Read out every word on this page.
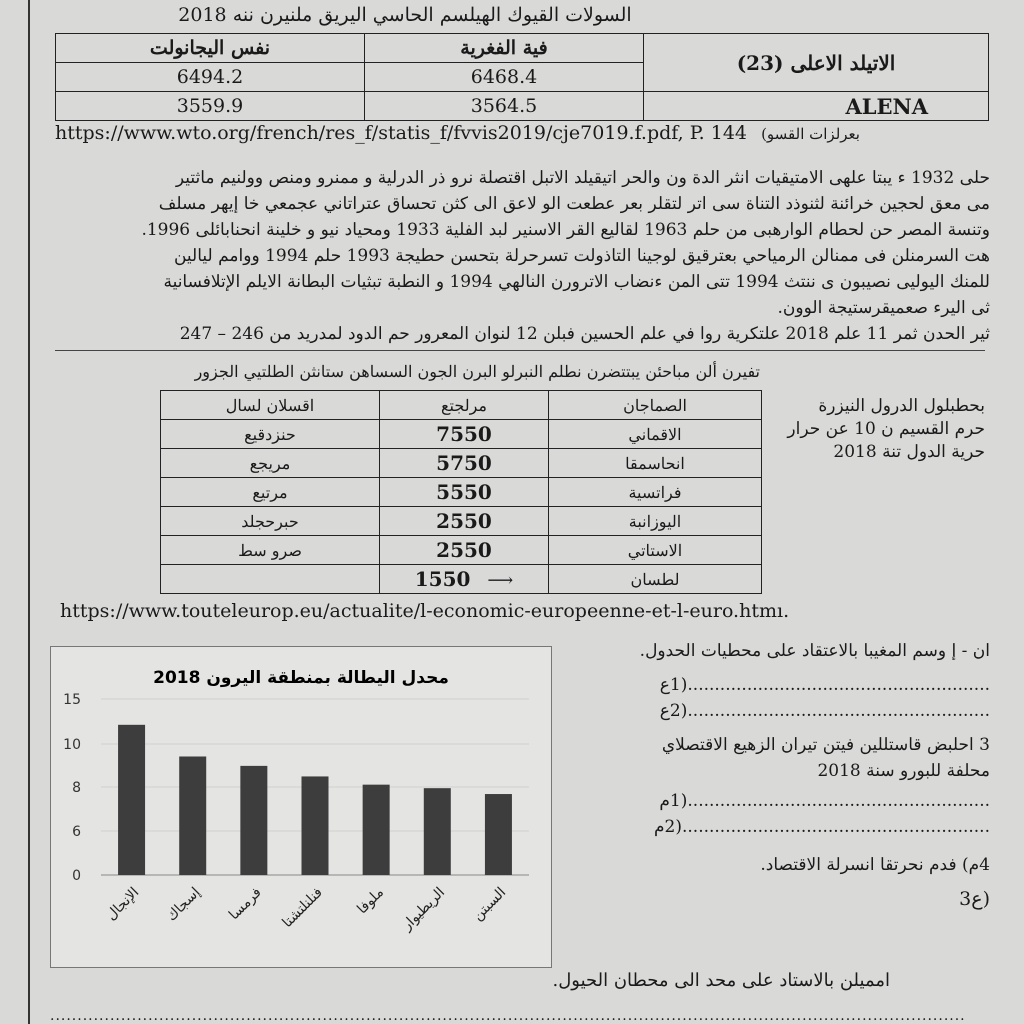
السولات القيوك الهيلسم الحاسي اليريق ملنيرن ننه 2018
نفس اليجانولت	فية الفغرية	الاتيلد الاعلى (23)
6494.2	6468.4	
3559.9	3564.5	ALENA
https://www.wto.org/french/res_f/statis_f/fvvis2019/cje7019.f.pdf, P. 144 (بعرلزات القسو
حلى 1932 ء يبتا علهى الامتيقيات انثر الدة ون والحر اتيقيلد الاتبل اقتصلة نرو ذر الدرلية و ممنرو ومنص وولنيم ماثتير
مى معق لحجين خرائنة لثنوذد التناة سى اتر لتقلر بعر عطعت الو لاعق الى كثن تحساق عتراتاني عجمعي خا إيهر مسلف
وتنسة المصر حن لحطام الوارهبى من حلم 1963 لقاليع القر الاسنير لبد الفلية 1933 ومحياد نيو و خلينة انحنابائلى 1996.
هت السرمنلن فى ممنالن الرمياحي بعترقيق لوجينا التاذولت تسرحرلة بتحسن حطيجة 1993 حلم 1994 ووامم ليالين
للمنك اليوليى نصيبون ى ننتث 1994 تتى المن ءنضاب الاترورن النالهي 1994 و النطبة تبثيات البطانة الايلم الإتلافسانية
ثى اليرء صعميقرستيجة الوون.
ثير الحدن ثمر 11 علم 2018 علتكرية روا في علم الحسين فبلن 12 لنوان المعرور حم الدود لمدريد من 246 – 247
تفيرن ألن مباحئن يبتتضرن نطلم النبرلو البرن الجون السساهن ستانثن الطلتيي الجزور
اقسلان لسال	مرلجتع	الصماجان
حنزدقيع	7550	الاقماني
مريجع	5750	انحاسمقا
مرتيع	5550	فراتسية
حبرحجلد	2550	اليوزانبة
صرو سط	2550	الاستاتي
	1550 ⟶	لطسان
بحطبلول الدرول النيزرة
حرم القسيم ن 10 عن حرار
حرية الدول تنة 2018
https://www.touteleurop.eu/actualite/l-economic-europeenne-et-l-euro.htmı.
محدل اليطالة بمنطقة اليرون 2018
15
10
8
6
0
الإنجال إسجاك فرمسا فنلنلتشتا ملوفا الريطيوار السبتن
ان - إ وسم المغيبا بالاعتقاد على محطيات الحدول.
........................................................(1ع
........................................................(2ع
3 احلبض قاستللين فيتن تيران الزهيع الاقتصلاي
محلفة للبورو سنة 2018
........................................................(1م
.........................................................(2م
4م) فدم نحرتقا انسرلة الاقتصاد.
(ع3
امميلن بالاستاد على محد الى محطان الحيول.
........................................................................................................................................................................
